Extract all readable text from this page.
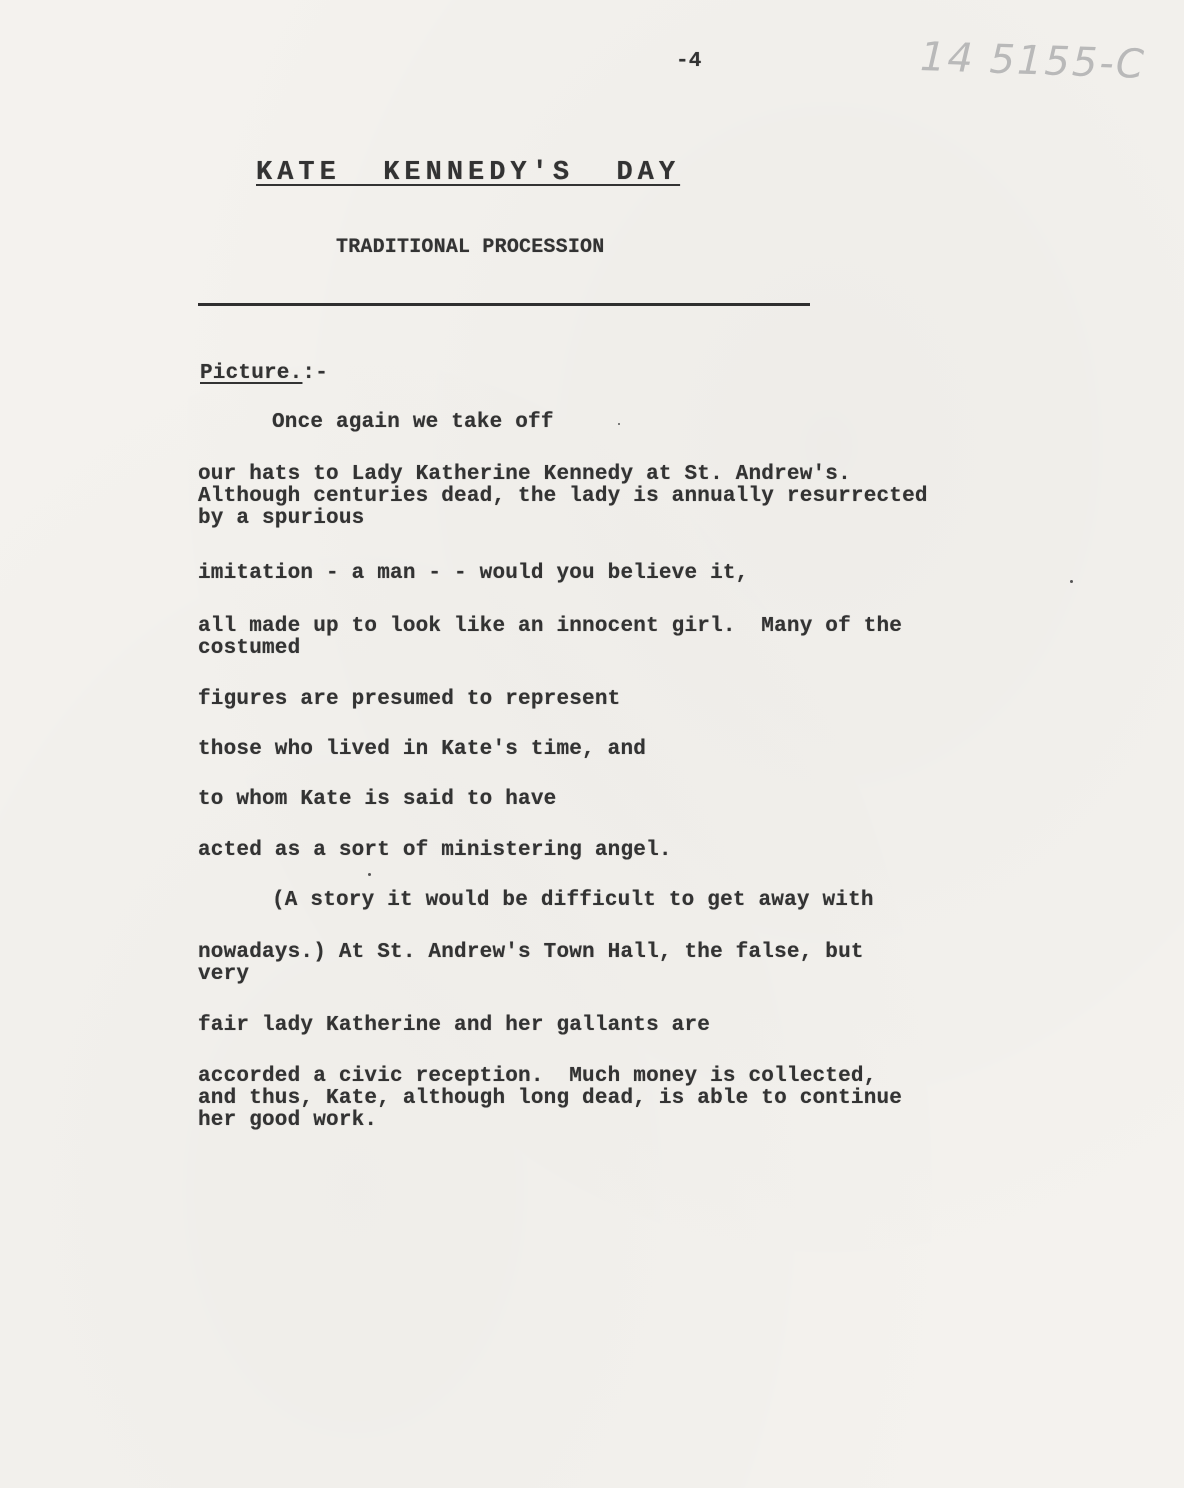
-4	14 5155-C
KATE  KENNEDY'S  DAY
TRADITIONAL PROCESSION
Picture.:-
Once again we take off
our hats to Lady Katherine Kennedy at St. Andrew's.
Although centuries dead, the lady is annually resurrected
by a spurious
imitation - a man - - would you believe it,
all made up to look like an innocent girl.  Many of the
costumed
figures are presumed to represent
those who lived in Kate's time, and
to whom Kate is said to have
acted as a sort of ministering angel.
(A story it would be difficult to get away with
nowadays.) At St. Andrew's Town Hall, the false, but
very
fair lady Katherine and her gallants are
accorded a civic reception.  Much money is collected,
and thus, Kate, although long dead, is able to continue
her good work.
